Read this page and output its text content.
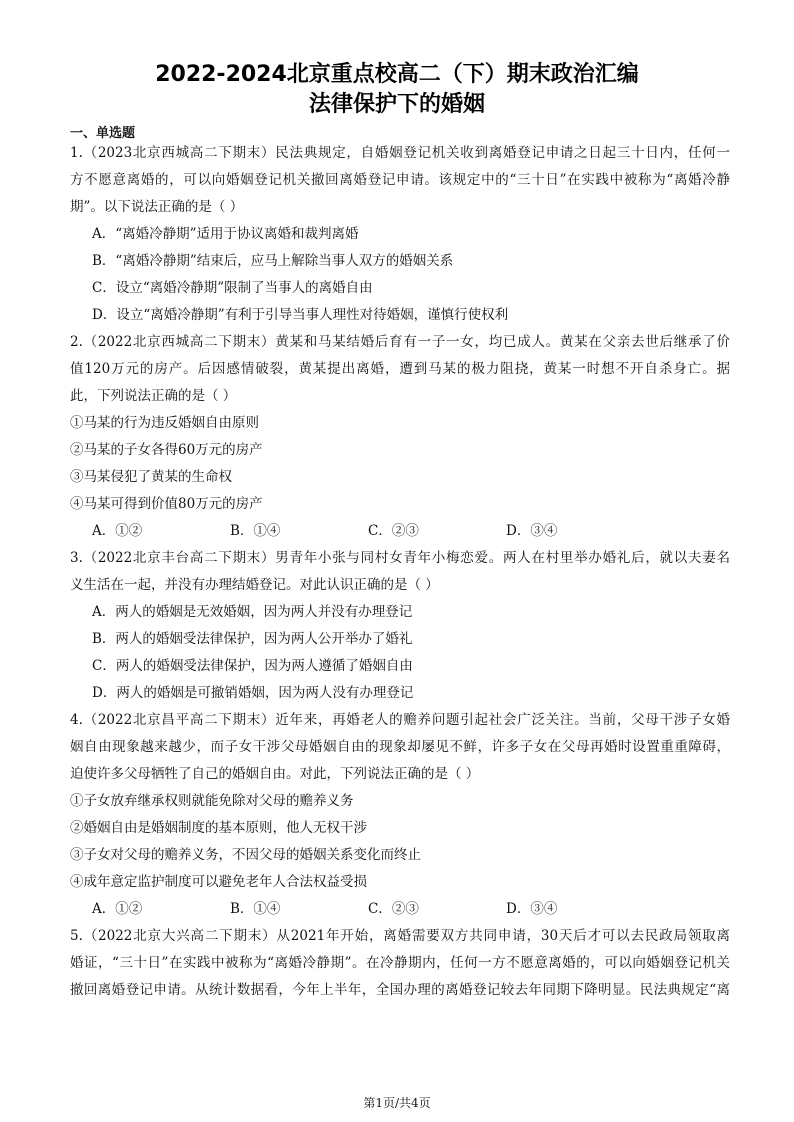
2022-2024北京重点校高二（下）期末政治汇编
法律保护下的婚姻
一、单选题
1.（2023北京西城高二下期末）民法典规定，自婚姻登记机关收到离婚登记申请之日起三十日内，任何一
方不愿意离婚的，可以向婚姻登记机关撤回离婚登记申请。该规定中的“三十日”在实践中被称为“离婚冷静
期”。以下说法正确的是（ ）
A．“离婚冷静期”适用于协议离婚和裁判离婚
B．“离婚冷静期”结束后，应马上解除当事人双方的婚姻关系
C．设立“离婚冷静期”限制了当事人的离婚自由
D．设立“离婚冷静期”有利于引导当事人理性对待婚姻，谨慎行使权利
2.（2022北京西城高二下期末）黄某和马某结婚后育有一子一女，均已成人。黄某在父亲去世后继承了价
值120万元的房产。后因感情破裂，黄某提出离婚，遭到马某的极力阻挠，黄某一时想不开自杀身亡。据
此，下列说法正确的是（ ）
①马某的行为违反婚姻自由原则
②马某的子女各得60万元的房产
③马某侵犯了黄某的生命权
④马某可得到价值80万元的房产
A．①②	B．①④	C．②③	D．③④
3.（2022北京丰台高二下期末）男青年小张与同村女青年小梅恋爱。两人在村里举办婚礼后，就以夫妻名
义生活在一起，并没有办理结婚登记。对此认识正确的是（ ）
A．两人的婚姻是无效婚姻，因为两人并没有办理登记
B．两人的婚姻受法律保护，因为两人公开举办了婚礼
C．两人的婚姻受法律保护，因为两人遵循了婚姻自由
D．两人的婚姻是可撤销婚姻，因为两人没有办理登记
4.（2022北京昌平高二下期末）近年来，再婚老人的赡养问题引起社会广泛关注。当前，父母干涉子女婚
姻自由现象越来越少，而子女干涉父母婚姻自由的现象却屡见不鲜，许多子女在父母再婚时设置重重障碍，
迫使许多父母牺牲了自己的婚姻自由。对此，下列说法正确的是（ ）
①子女放弃继承权则就能免除对父母的赡养义务
②婚姻自由是婚姻制度的基本原则，他人无权干涉
③子女对父母的赡养义务，不因父母的婚姻关系变化而终止
④成年意定监护制度可以避免老年人合法权益受损
A．①②	B．①④	C．②③	D．③④
5.（2022北京大兴高二下期末）从2021年开始，离婚需要双方共同申请，30天后才可以去民政局领取离
婚证，“三十日”在实践中被称为“离婚冷静期”。在冷静期内，任何一方不愿意离婚的，可以向婚姻登记机关
撤回离婚登记申请。从统计数据看，今年上半年，全国办理的离婚登记较去年同期下降明显。民法典规定“离
第1页/共4页
